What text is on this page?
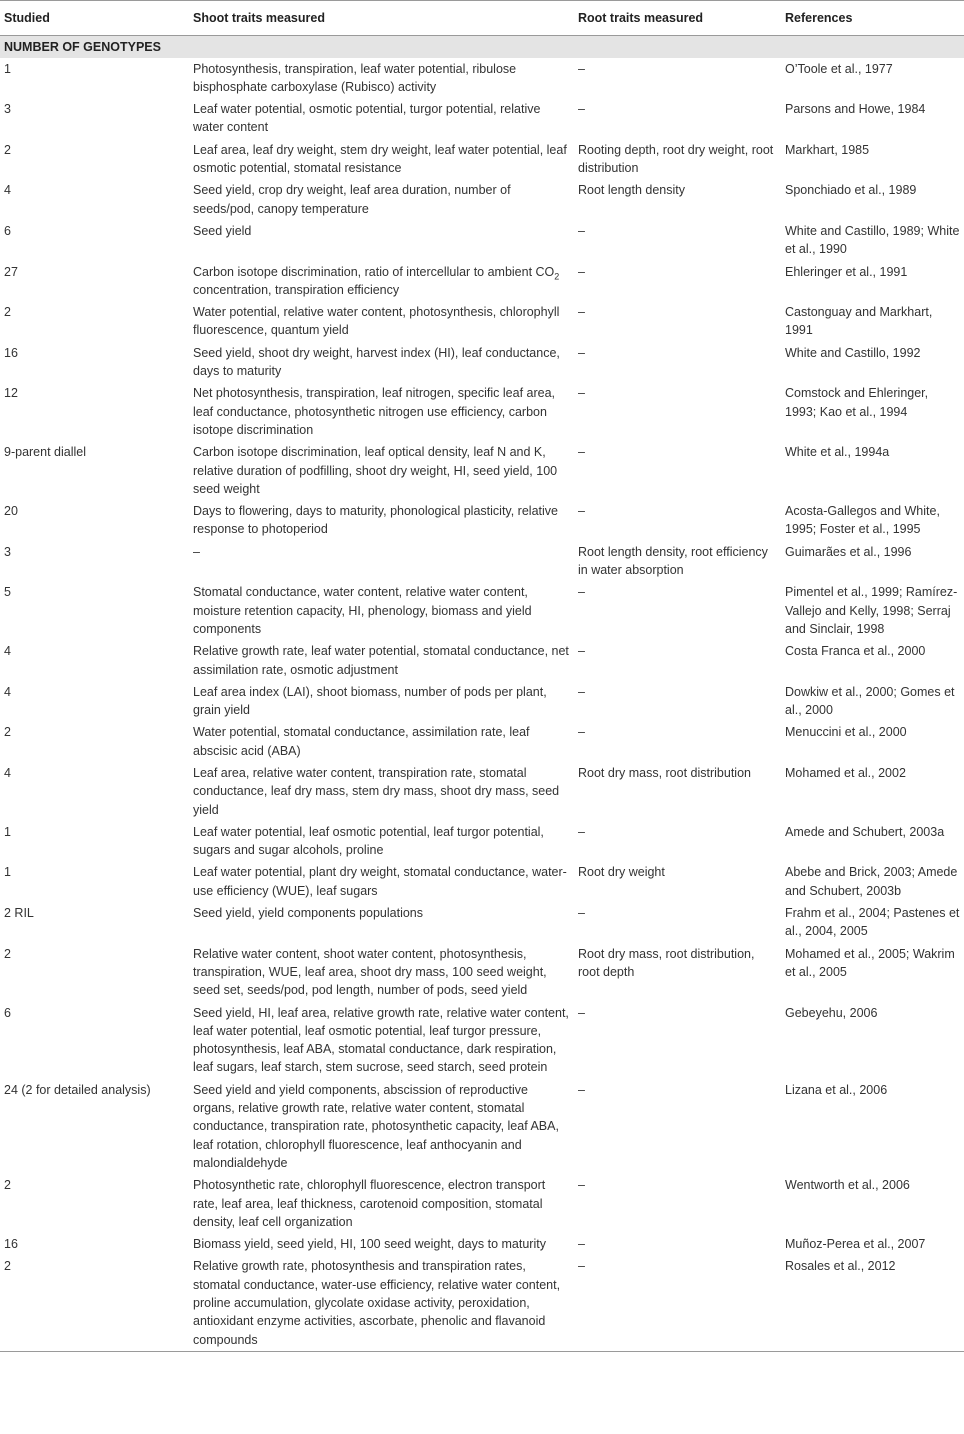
Studied	Shoot traits measured	Root traits measured	References
NUMBER OF GENOTYPES			
1	Photosynthesis, transpiration, leaf water potential, ribulose bisphosphate carboxylase (Rubisco) activity	–	O’Toole et al., 1977
3	Leaf water potential, osmotic potential, turgor potential, relative water content	–	Parsons and Howe, 1984
2	Leaf area, leaf dry weight, stem dry weight, leaf water potential, leaf osmotic potential, stomatal resistance	Rooting depth, root dry weight, root distribution	Markhart, 1985
4	Seed yield, crop dry weight, leaf area duration, number of seeds/pod, canopy temperature	Root length density	Sponchiado et al., 1989
6	Seed yield	–	White and Castillo, 1989; White et al., 1990
27	Carbon isotope discrimination, ratio of intercellular to ambient $CO_2$ concentration, transpiration efficiency	–	Ehleringer et al., 1991
2	Water potential, relative water content, photosynthesis, chlorophyll fluorescence, quantum yield	–	Castonguay and Markhart, 1991
16	Seed yield, shoot dry weight, harvest index (HI), leaf conductance, days to maturity	–	White and Castillo, 1992
12	Net photosynthesis, transpiration, leaf nitrogen, specific leaf area, leaf conductance, photosynthetic nitrogen use efficiency, carbon isotope discrimination	–	Comstock and Ehleringer, 1993; Kao et al., 1994
9-parent diallel	Carbon isotope discrimination, leaf optical density, leaf N and K, relative duration of podfilling, shoot dry weight, HI, seed yield, 100 seed weight	–	White et al., 1994a
20	Days to flowering, days to maturity, phonological plasticity, relative response to photoperiod	–	Acosta-Gallegos and White, 1995; Foster et al., 1995
3	–	Root length density, root efficiency in water absorption	Guimarães et al., 1996
5	Stomatal conductance, water content, relative water content, moisture retention capacity, HI, phenology, biomass and yield components	–	Pimentel et al., 1999; Ramírez-Vallejo and Kelly, 1998; Serraj and Sinclair, 1998
4	Relative growth rate, leaf water potential, stomatal conductance, net assimilation rate, osmotic adjustment	–	Costa Franca et al., 2000
4	Leaf area index (LAI), shoot biomass, number of pods per plant, grain yield	–	Dowkiw et al., 2000; Gomes et al., 2000
2	Water potential, stomatal conductance, assimilation rate, leaf abscisic acid (ABA)	–	Menuccini et al., 2000
4	Leaf area, relative water content, transpiration rate, stomatal conductance, leaf dry mass, stem dry mass, shoot dry mass, seed yield	Root dry mass, root distribution	Mohamed et al., 2002
1	Leaf water potential, leaf osmotic potential, leaf turgor potential, sugars and sugar alcohols, proline	–	Amede and Schubert, 2003a
1	Leaf water potential, plant dry weight, stomatal conductance, water-use efficiency (WUE), leaf sugars	Root dry weight	Abebe and Brick, 2003; Amede and Schubert, 2003b
2 RIL	Seed yield, yield components populations	–	Frahm et al., 2004; Pastenes et al., 2004, 2005
2	Relative water content, shoot water content, photosynthesis, transpiration, WUE, leaf area, shoot dry mass, 100 seed weight, seed set, seeds/pod, pod length, number of pods, seed yield	Root dry mass, root distribution, root depth	Mohamed et al., 2005; Wakrim et al., 2005
6	Seed yield, HI, leaf area, relative growth rate, relative water content, leaf water potential, leaf osmotic potential, leaf turgor pressure, photosynthesis, leaf ABA, stomatal conductance, dark respiration, leaf sugars, leaf starch, stem sucrose, seed starch, seed protein	–	Gebeyehu, 2006
24 (2 for detailed analysis)	Seed yield and yield components, abscission of reproductive organs, relative growth rate, relative water content, stomatal conductance, transpiration rate, photosynthetic capacity, leaf ABA, leaf rotation, chlorophyll fluorescence, leaf anthocyanin and malondialdehyde	–	Lizana et al., 2006
2	Photosynthetic rate, chlorophyll fluorescence, electron transport rate, leaf area, leaf thickness, carotenoid composition, stomatal density, leaf cell organization	–	Wentworth et al., 2006
16	Biomass yield, seed yield, HI, 100 seed weight, days to maturity	–	Muñoz-Perea et al., 2007
2	Relative growth rate, photosynthesis and transpiration rates, stomatal conductance, water-use efficiency, relative water content, proline accumulation, glycolate oxidase activity, peroxidation, antioxidant enzyme activities, ascorbate, phenolic and flavanoid compounds	–	Rosales et al., 2012
